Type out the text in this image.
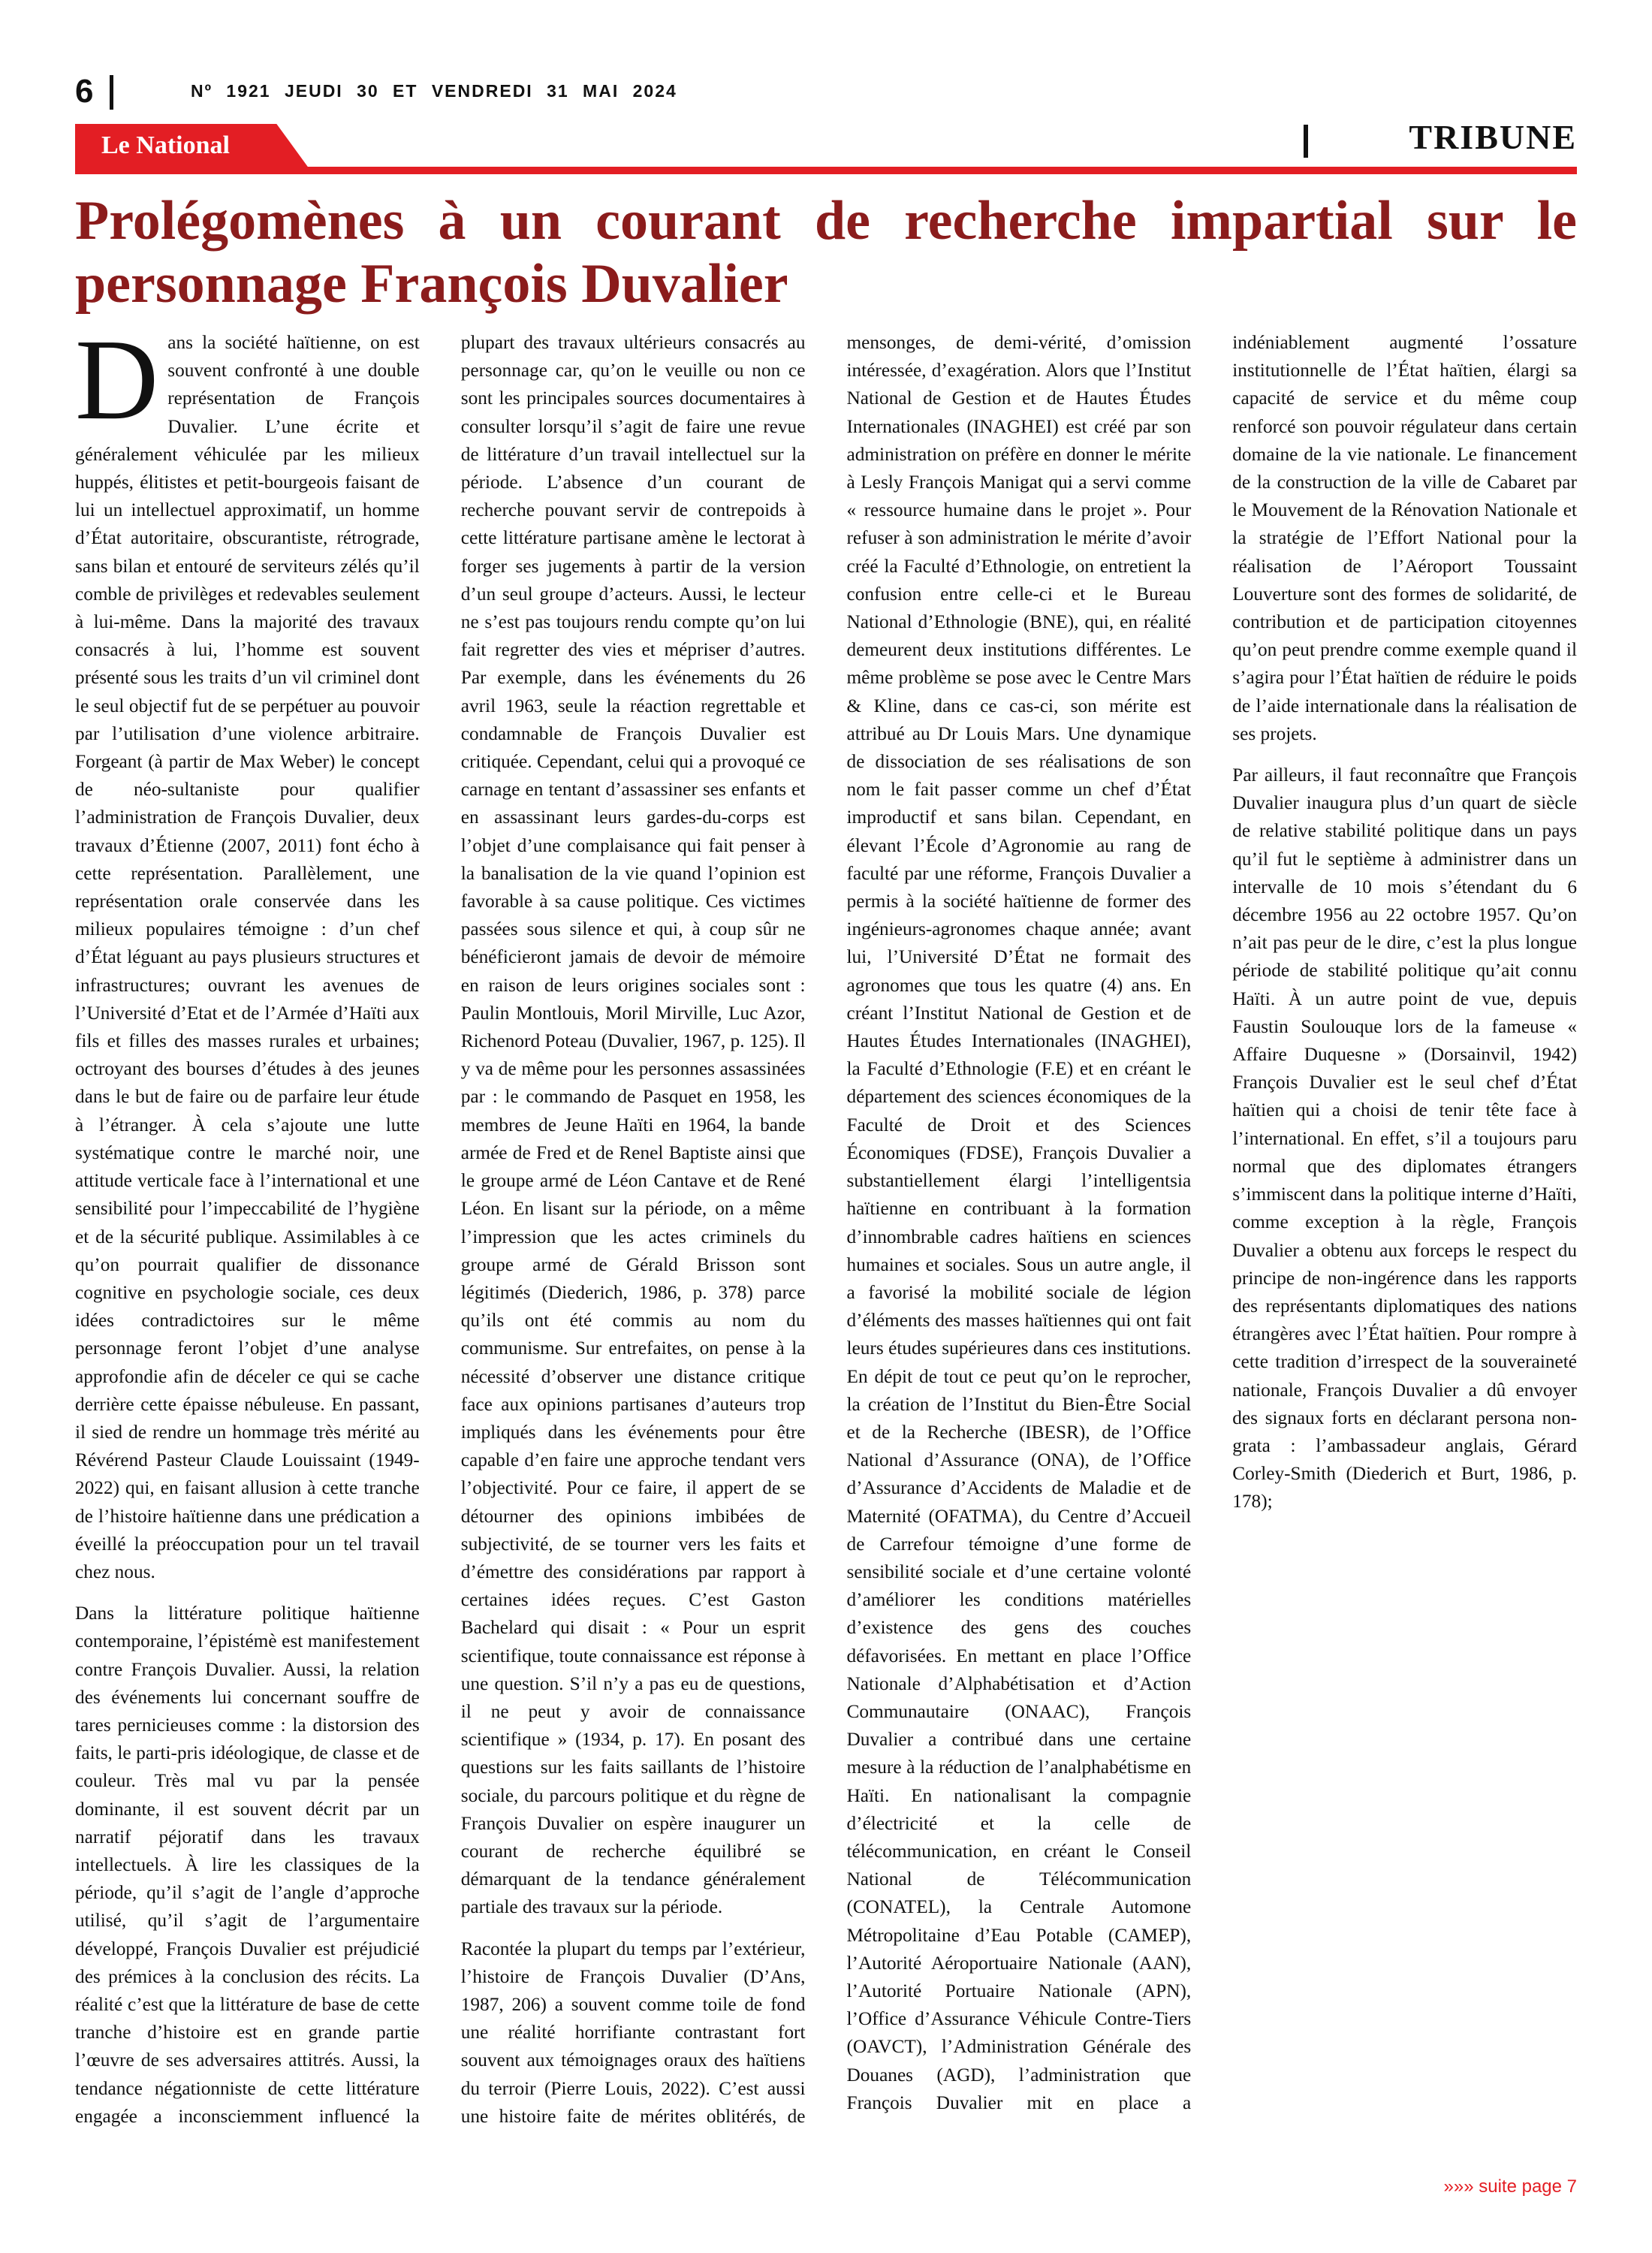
6	Nº 1921 JEUDI 30 ET VENDREDI 31 MAI 2024
Le National	TRIBUNE
Prolégomènes à un courant de recherche impartial sur le personnage François Duvalier

Dans la société haïtienne, on est souvent confronté à une double représentation de François Duvalier. L’une écrite et généralement véhiculée par les milieux huppés, élitistes et petit-bourgeois faisant de lui un intellectuel approximatif, un homme d’État autoritaire, obscurantiste, rétrograde, sans bilan et entouré de serviteurs zélés qu’il comble de privilèges et redevables seulement à lui-même. Dans la majorité des travaux consacrés à lui, l’homme est souvent présenté sous les traits d’un vil criminel dont le seul objectif fut de se perpétuer au pouvoir par l’utilisation d’une violence arbitraire. Forgeant (à partir de Max Weber) le concept de néo-sultaniste pour qualifier l’administration de François Duvalier, deux travaux d’Étienne (2007, 2011) font écho à cette représentation. Parallèlement, une représentation orale conservée dans les milieux populaires témoigne : d’un chef d’État léguant au pays plusieurs structures et infrastructures; ouvrant les avenues de l’Université d’Etat et de l’Armée d’Haïti aux fils et filles des masses rurales et urbaines; octroyant des bourses d’études à des jeunes dans le but de faire ou de parfaire leur étude à l’étranger. À cela s’ajoute une lutte systématique contre le marché noir, une attitude verticale face à l’international et une sensibilité pour l’impeccabilité de l’hygiène et de la sécurité publique. Assimilables à ce qu’on pourrait qualifier de dissonance cognitive en psychologie sociale, ces deux idées contradictoires sur le même personnage feront l’objet d’une analyse approfondie afin de déceler ce qui se cache derrière cette épaisse nébuleuse. En passant, il sied de rendre un hommage très mérité au Révérend Pasteur Claude Louissaint (1949-2022) qui, en faisant allusion à cette tranche de l’histoire haïtienne dans une prédication a éveillé la préoccupation pour un tel travail chez nous.

Dans la littérature politique haïtienne contemporaine, l’épistémè est manifestement contre François Duvalier. Aussi, la relation des événements lui concernant souffre de tares pernicieuses comme : la distorsion des faits, le parti-pris idéologique, de classe et de couleur. Très mal vu par la pensée dominante, il est souvent décrit par un narratif péjoratif dans les travaux intellectuels. À lire les classiques de la période, qu’il s’agit de l’angle d’approche utilisé, qu’il s’agit de l’argumentaire développé, François Duvalier est préjudicié des prémices à la conclusion des récits. La réalité c’est que la littérature de base de cette tranche d’histoire est en grande partie l’œuvre de ses adversaires attitrés. Aussi, la tendance négationniste de cette littérature engagée a inconsciemment influencé la plupart des travaux ultérieurs consacrés au personnage car, qu’on le veuille ou non ce sont les principales sources documentaires à consulter lorsqu’il s’agit de faire une revue de littérature d’un travail intellectuel sur la période. L’absence d’un courant de recherche pouvant servir de contrepoids à cette littérature partisane amène le lectorat à forger ses jugements à partir de la version d’un seul groupe d’acteurs. Aussi, le lecteur ne s’est pas toujours rendu compte qu’on lui fait regretter des vies et mépriser d’autres. Par exemple, dans les événements du 26 avril 1963, seule la réaction regrettable et condamnable de François Duvalier est critiquée. Cependant, celui qui a provoqué ce carnage en tentant d’assassiner ses enfants et en assassinant leurs gardes-du-corps est l’objet d’une complaisance qui fait penser à la banalisation de la vie quand l’opinion est favorable à sa cause politique. Ces victimes passées sous silence et qui, à coup sûr ne bénéficieront jamais de devoir de mémoire en raison de leurs origines sociales sont : Paulin Montlouis, Moril Mirville, Luc Azor, Richenord Poteau (Duvalier, 1967, p. 125). Il y va de même pour les personnes assassinées par : le commando de Pasquet en 1958, les membres de Jeune Haïti en 1964, la bande armée de Fred et de Renel Baptiste ainsi que le groupe armé de Léon Cantave et de René Léon. En lisant sur la période, on a même l’impression que les actes criminels du groupe armé de Gérald Brisson sont légitimés (Diederich, 1986, p. 378) parce qu’ils ont été commis au nom du communisme. Sur entrefaites, on pense à la nécessité d’observer une distance critique face aux opinions partisanes d’auteurs trop impliqués dans les événements pour être capable d’en faire une approche tendant vers l’objectivité. Pour ce faire, il appert de se détourner des opinions imbibées de subjectivité, de se tourner vers les faits et d’émettre des considérations par rapport à certaines idées reçues. C’est Gaston Bachelard qui disait : « Pour un esprit scientifique, toute connaissance est réponse à une question. S’il n’y a pas eu de questions, il ne peut y avoir de connaissance scientifique » (1934, p. 17). En posant des questions sur les faits saillants de l’histoire sociale, du parcours politique et du règne de François Duvalier on espère inaugurer un courant de recherche équilibré se démarquant de la tendance généralement partiale des travaux sur la période.

Racontée la plupart du temps par l’extérieur, l’histoire de François Duvalier (D’Ans, 1987, 206) a souvent comme toile de fond une réalité horrifiante contrastant fort souvent aux témoignages oraux des haïtiens du terroir (Pierre Louis, 2022). C’est aussi une histoire faite de mérites oblitérés, de mensonges, de demi-vérité, d’omission intéressée, d’exagération. Alors que l’Institut National de Gestion et de Hautes Études Internationales (INAGHEI) est créé par son administration on préfère en donner le mérite à Lesly François Manigat qui a servi comme « ressource humaine dans le projet ». Pour refuser à son administration le mérite d’avoir créé la Faculté d’Ethnologie, on entretient la confusion entre celle-ci et le Bureau National d’Ethnologie (BNE), qui, en réalité demeurent deux institutions différentes. Le même problème se pose avec le Centre Mars & Kline, dans ce cas-ci, son mérite est attribué au Dr Louis Mars. Une dynamique de dissociation de ses réalisations de son nom le fait passer comme un chef d’État improductif et sans bilan. Cependant, en élevant l’École d’Agronomie au rang de faculté par une réforme, François Duvalier a permis à la société haïtienne de former des ingénieurs-agronomes chaque année; avant lui, l’Université D’État ne formait des agronomes que tous les quatre (4) ans. En créant l’Institut National de Gestion et de Hautes Études Internationales (INAGHEI), la Faculté d’Ethnologie (F.E) et en créant le département des sciences économiques de la Faculté de Droit et des Sciences Économiques (FDSE), François Duvalier a substantiellement élargi l’intelligentsia haïtienne en contribuant à la formation d’innombrable cadres haïtiens en sciences humaines et sociales. Sous un autre angle, il a favorisé la mobilité sociale de légion d’éléments des masses haïtiennes qui ont fait leurs études supérieures dans ces institutions. En dépit de tout ce peut qu’on le reprocher, la création de l’Institut du Bien-Être Social et de la Recherche (IBESR), de l’Office National d’Assurance (ONA), de l’Office d’Assurance d’Accidents de Maladie et de Maternité (OFATMA), du Centre d’Accueil de Carrefour témoigne d’une forme de sensibilité sociale et d’une certaine volonté d’améliorer les conditions matérielles d’existence des gens des couches défavorisées. En mettant en place l’Office Nationale d’Alphabétisation et d’Action Communautaire (ONAAC), François Duvalier a contribué dans une certaine mesure à la réduction de l’analphabétisme en Haïti. En nationalisant la compagnie d’électricité et la celle de télécommunication, en créant le Conseil National de Télécommunication (CONATEL), la Centrale Automone Métropolitaine d’Eau Potable (CAMEP), l’Autorité Aéroportuaire Nationale (AAN), l’Autorité Portuaire Nationale (APN), l’Office d’Assurance Véhicule Contre-Tiers (OAVCT), l’Administration Générale des Douanes (AGD), l’administration que François Duvalier mit en place a indéniablement augmenté l’ossature institutionnelle de l’État haïtien, élargi sa capacité de service et du même coup renforcé son pouvoir régulateur dans certain domaine de la vie nationale. Le financement de la construction de la ville de Cabaret par le Mouvement de la Rénovation Nationale et la stratégie de l’Effort National pour la réalisation de l’Aéroport Toussaint Louverture sont des formes de solidarité, de contribution et de participation citoyennes qu’on peut prendre comme exemple quand il s’agira pour l’État haïtien de réduire le poids de l’aide internationale dans la réalisation de ses projets.

Par ailleurs, il faut reconnaître que François Duvalier inaugura plus d’un quart de siècle de relative stabilité politique dans un pays qu’il fut le septième à administrer dans un intervalle de 10 mois s’étendant du 6 décembre 1956 au 22 octobre 1957. Qu’on n’ait pas peur de le dire, c’est la plus longue période de stabilité politique qu’ait connu Haïti. À un autre point de vue, depuis Faustin Soulouque lors de la fameuse « Affaire Duquesne » (Dorsainvil, 1942) François Duvalier est le seul chef d’État haïtien qui a choisi de tenir tête face à l’international. En effet, s’il a toujours paru normal que des diplomates étrangers s’immiscent dans la politique interne d’Haïti, comme exception à la règle, François Duvalier a obtenu aux forceps le respect du principe de non-ingérence dans les rapports des représentants diplomatiques des nations étrangères avec l’État haïtien. Pour rompre à cette tradition d’irrespect de la souveraineté nationale, François Duvalier a dû envoyer des signaux forts en déclarant persona non-grata : l’ambassadeur anglais, Gérard Corley-Smith (Diederich et Burt, 1986, p. 178);

»»» suite page 7
